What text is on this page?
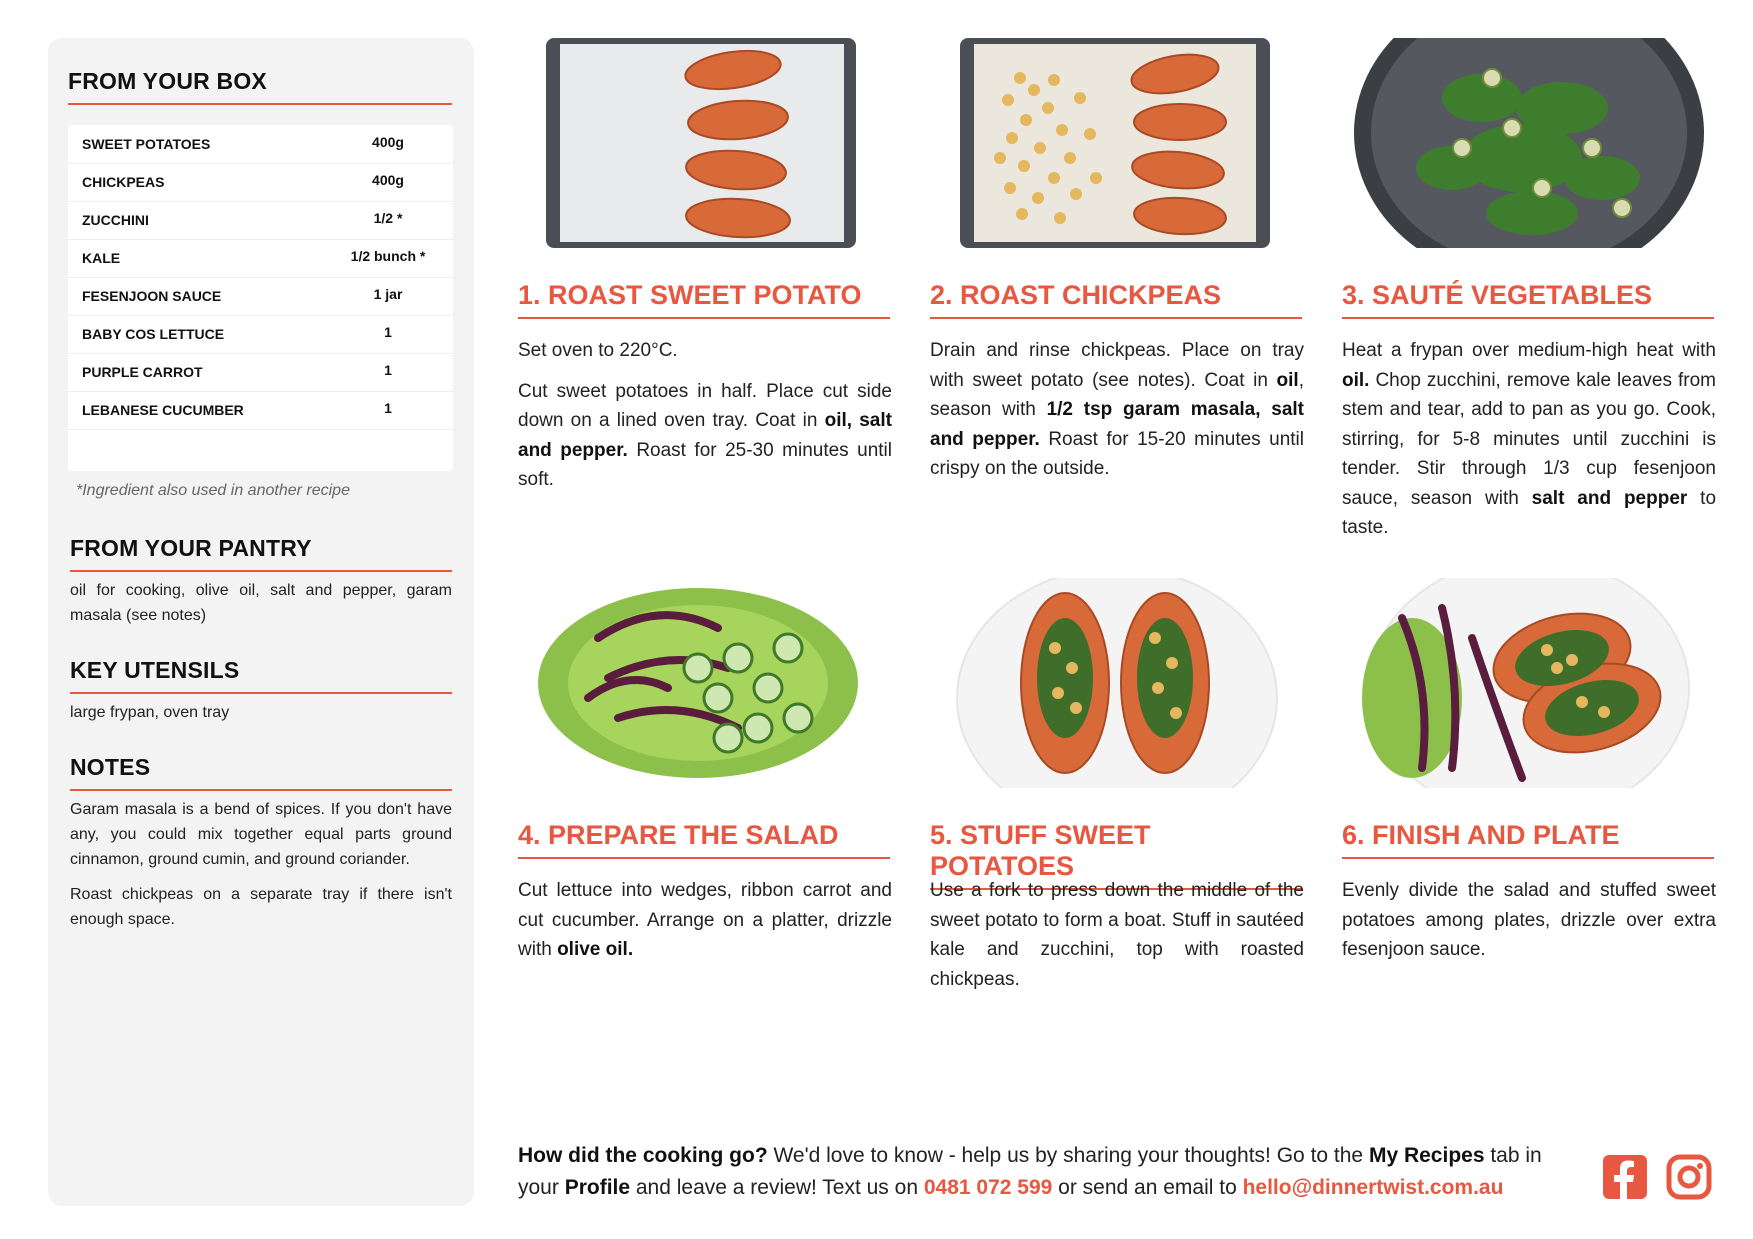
FROM YOUR BOX
SWEET POTATOES	400g
CHICKPEAS	400g
ZUCCHINI	1/2 *
KALE	1/2 bunch *
FESENJOON SAUCE	1 jar
BABY COS LETTUCE	1
PURPLE CARROT	1
LEBANESE CUCUMBER	1
*Ingredient also used in another recipe
FROM YOUR PANTRY
oil for cooking, olive oil, salt and pepper, garam masala (see notes)
KEY UTENSILS
large frypan, oven tray
NOTES

Garam masala is a bend of spices. If you don't have any, you could mix together equal parts ground cinnamon, ground cumin, and ground coriander.

Roast chickpeas on a separate tray if there isn't enough space.

1. ROAST SWEET POTATO

Set oven to 220°C.

Cut sweet potatoes in half. Place cut side down on a lined oven tray. Coat in oil, salt and pepper. Roast for 25-30 minutes until soft.

2. ROAST CHICKPEAS

Drain and rinse chickpeas. Place on tray with sweet potato (see notes). Coat in oil, season with 1/2 tsp garam masala, salt and pepper. Roast for 15-20 minutes until crispy on the outside.

3. SAUTÉ VEGETABLES

Heat a frypan over medium-high heat with oil. Chop zucchini, remove kale leaves from stem and tear, add to pan as you go. Cook, stirring, for 5-8 minutes until zucchini is tender. Stir through 1/3 cup fesenjoon sauce, season with salt and pepper to taste.

4. PREPARE THE SALAD

Cut lettuce into wedges, ribbon carrot and cut cucumber. Arrange on a platter, drizzle with olive oil.

5. STUFF SWEET POTATOES

Use a fork to press down the middle of the sweet potato to form a boat. Stuff in sautéed kale and zucchini, top with roasted chickpeas.

6. FINISH AND PLATE

Evenly divide the salad and stuffed sweet potatoes among plates, drizzle over extra fesenjoon sauce.

How did the cooking go? We'd love to know - help us by sharing your thoughts! Go to the My Recipes tab in your Profile and leave a review! Text us on 0481 072 599 or send an email to hello@dinnertwist.com.au
